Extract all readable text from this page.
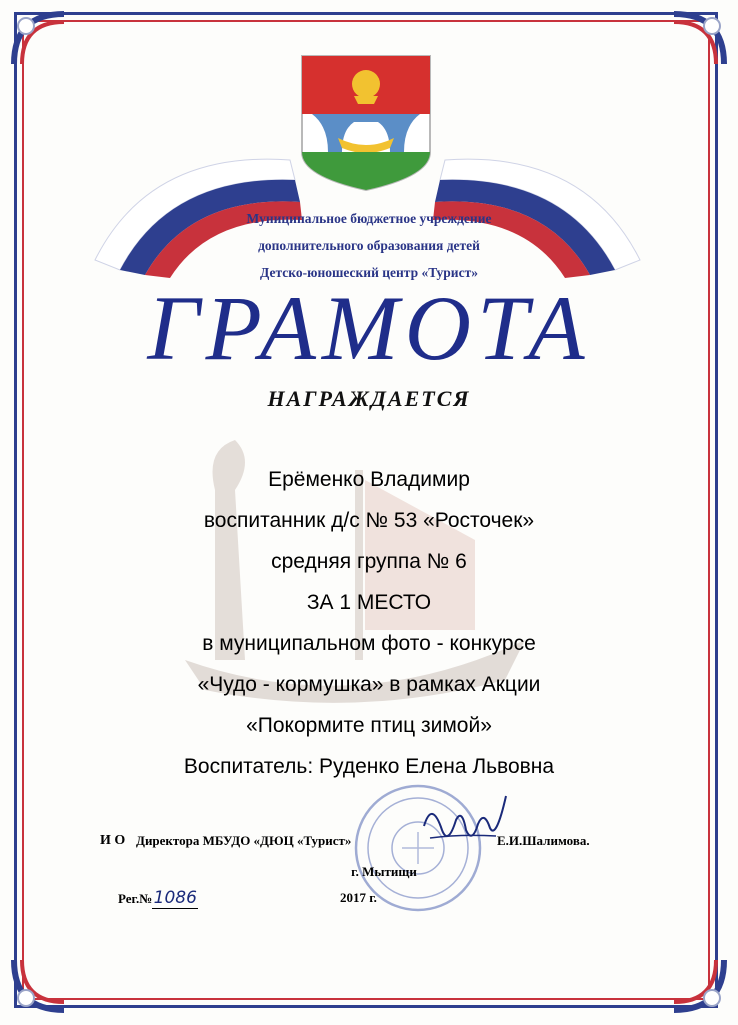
Муниципальное бюджетное учреждение
дополнительного образования детей
Детско-юношеский центр «Турист»
ГРАМОТА
НАГРАЖДАЕТСЯ
Ерёменко Владимир
воспитанник д/с № 53 «Росточек»
средняя группа № 6
ЗА 1 МЕСТО
в муниципальном фото - конкурсе
«Чудо - кормушка» в рамках Акции
«Покормите птиц зимой»
Воспитатель: Руденко Елена Львовна
И О Директора МБУДО «ДЮЦ «Турист»	Е.И.Шалимова.
г. Мытищи
Рег.№1086	2017 г.
